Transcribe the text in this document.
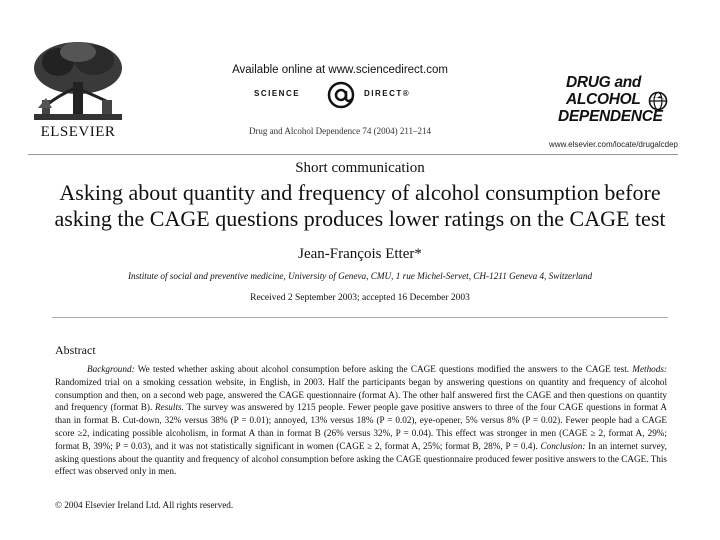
ELSEVIER
Available online at www.sciencedirect.com
SCIENCE	DIRECT®
Drug and Alcohol Dependence 74 (2004) 211–214
DRUG and
ALCOHOL
DEPENDENCE
www.elsevier.com/locate/drugalcdep
Short communication
Asking about quantity and frequency of alcohol consumption before
asking the CAGE questions produces lower ratings on the CAGE test
Jean-François Etter*
Institute of social and preventive medicine, University of Geneva, CMU, 1 rue Michel-Servet, CH-1211 Geneva 4, Switzerland
Received 2 September 2003; accepted 16 December 2003
Abstract
Background: We tested whether asking about alcohol consumption before asking the CAGE questions modified the answers to the CAGE test. Methods: Randomized trial on a smoking cessation website, in English, in 2003. Half the participants began by answering questions on quantity and frequency of alcohol consumption and then, on a second web page, answered the CAGE questionnaire (format A). The other half answered first the CAGE and then questions on quantity and frequency (format B). Results. The survey was answered by 1215 people. Fewer people gave positive answers to three of the four CAGE questions in format A than in format B. Cut-down, 32% versus 38% (P = 0.01); annoyed, 13% versus 18% (P = 0.02), eye-opener, 5% versus 8% (P = 0.02). Fewer people had a CAGE score ≥2, indicating possible alcoholism, in format A than in format B (26% versus 32%, P = 0.04). This effect was stronger in men (CAGE ≥ 2, format A, 29%; format B, 39%; P = 0.03), and it was not statistically significant in women (CAGE ≥ 2, format A, 25%; format B, 28%, P = 0.4). Conclusion: In an internet survey, asking questions about the quantity and frequency of alcohol consumption before asking the CAGE questionnaire produced fewer positive answers to the CAGE. This effect was observed only in men.
© 2004 Elsevier Ireland Ltd. All rights reserved.
